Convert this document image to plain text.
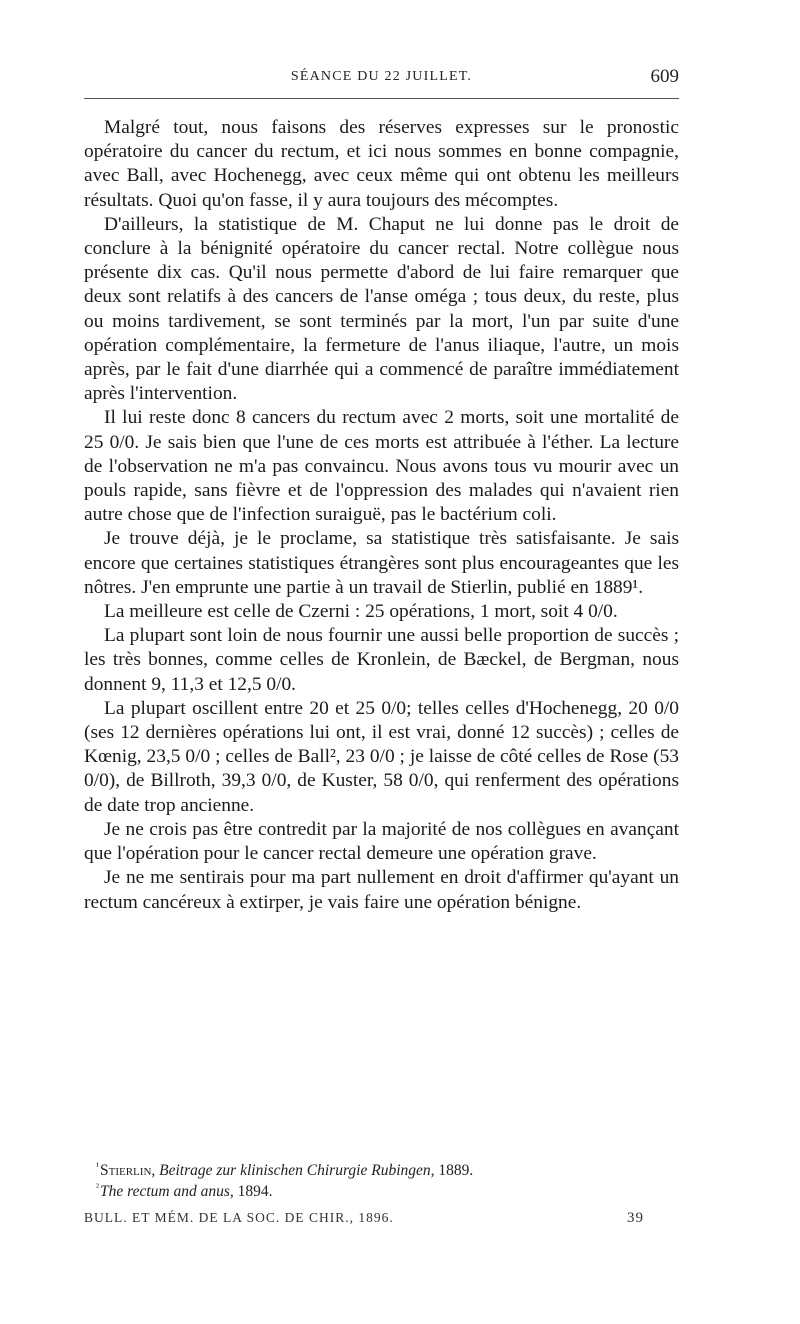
SÉANCE DU 22 JUILLET.	609

Malgré tout, nous faisons des réserves expresses sur le pronostic opératoire du cancer du rectum, et ici nous sommes en bonne compagnie, avec Ball, avec Hochenegg, avec ceux même qui ont obtenu les meilleurs résultats. Quoi qu'on fasse, il y aura toujours des mécomptes.

D'ailleurs, la statistique de M. Chaput ne lui donne pas le droit de conclure à la bénignité opératoire du cancer rectal. Notre collègue nous présente dix cas. Qu'il nous permette d'abord de lui faire remarquer que deux sont relatifs à des cancers de l'anse oméga ; tous deux, du reste, plus ou moins tardivement, se sont terminés par la mort, l'un par suite d'une opération complémentaire, la fermeture de l'anus iliaque, l'autre, un mois après, par le fait d'une diarrhée qui a commencé de paraître immédiatement après l'intervention.

Il lui reste donc 8 cancers du rectum avec 2 morts, soit une mortalité de 25 0/0. Je sais bien que l'une de ces morts est attribuée à l'éther. La lecture de l'observation ne m'a pas convaincu. Nous avons tous vu mourir avec un pouls rapide, sans fièvre et de l'oppression des malades qui n'avaient rien autre chose que de l'infection suraiguë, pas le bactérium coli.

Je trouve déjà, je le proclame, sa statistique très satisfaisante. Je sais encore que certaines statistiques étrangères sont plus encourageantes que les nôtres. J'en emprunte une partie à un travail de Stierlin, publié en 1889¹.

La meilleure est celle de Czerni : 25 opérations, 1 mort, soit 4 0/0.

La plupart sont loin de nous fournir une aussi belle proportion de succès ; les très bonnes, comme celles de Kronlein, de Bæckel, de Bergman, nous donnent 9, 11,3 et 12,5 0/0.

La plupart oscillent entre 20 et 25 0/0; telles celles d'Hochenegg, 20 0/0 (ses 12 dernières opérations lui ont, il est vrai, donné 12 succès) ; celles de Kœnig, 23,5 0/0 ; celles de Ball², 23 0/0 ; je laisse de côté celles de Rose (53 0/0), de Billroth, 39,3 0/0, de Kuster, 58 0/0, qui renferment des opérations de date trop ancienne.

Je ne crois pas être contredit par la majorité de nos collègues en avançant que l'opération pour le cancer rectal demeure une opération grave.

Je ne me sentirais pour ma part nullement en droit d'affirmer qu'ayant un rectum cancéreux à extirper, je vais faire une opération bénigne.

¹ Stierlin, Beitrage zur klinischen Chirurgie Rubingen, 1889.
² The rectum and anus, 1894.
BULL. ET MÉM. DE LA SOC. DE CHIR., 1896.	39
